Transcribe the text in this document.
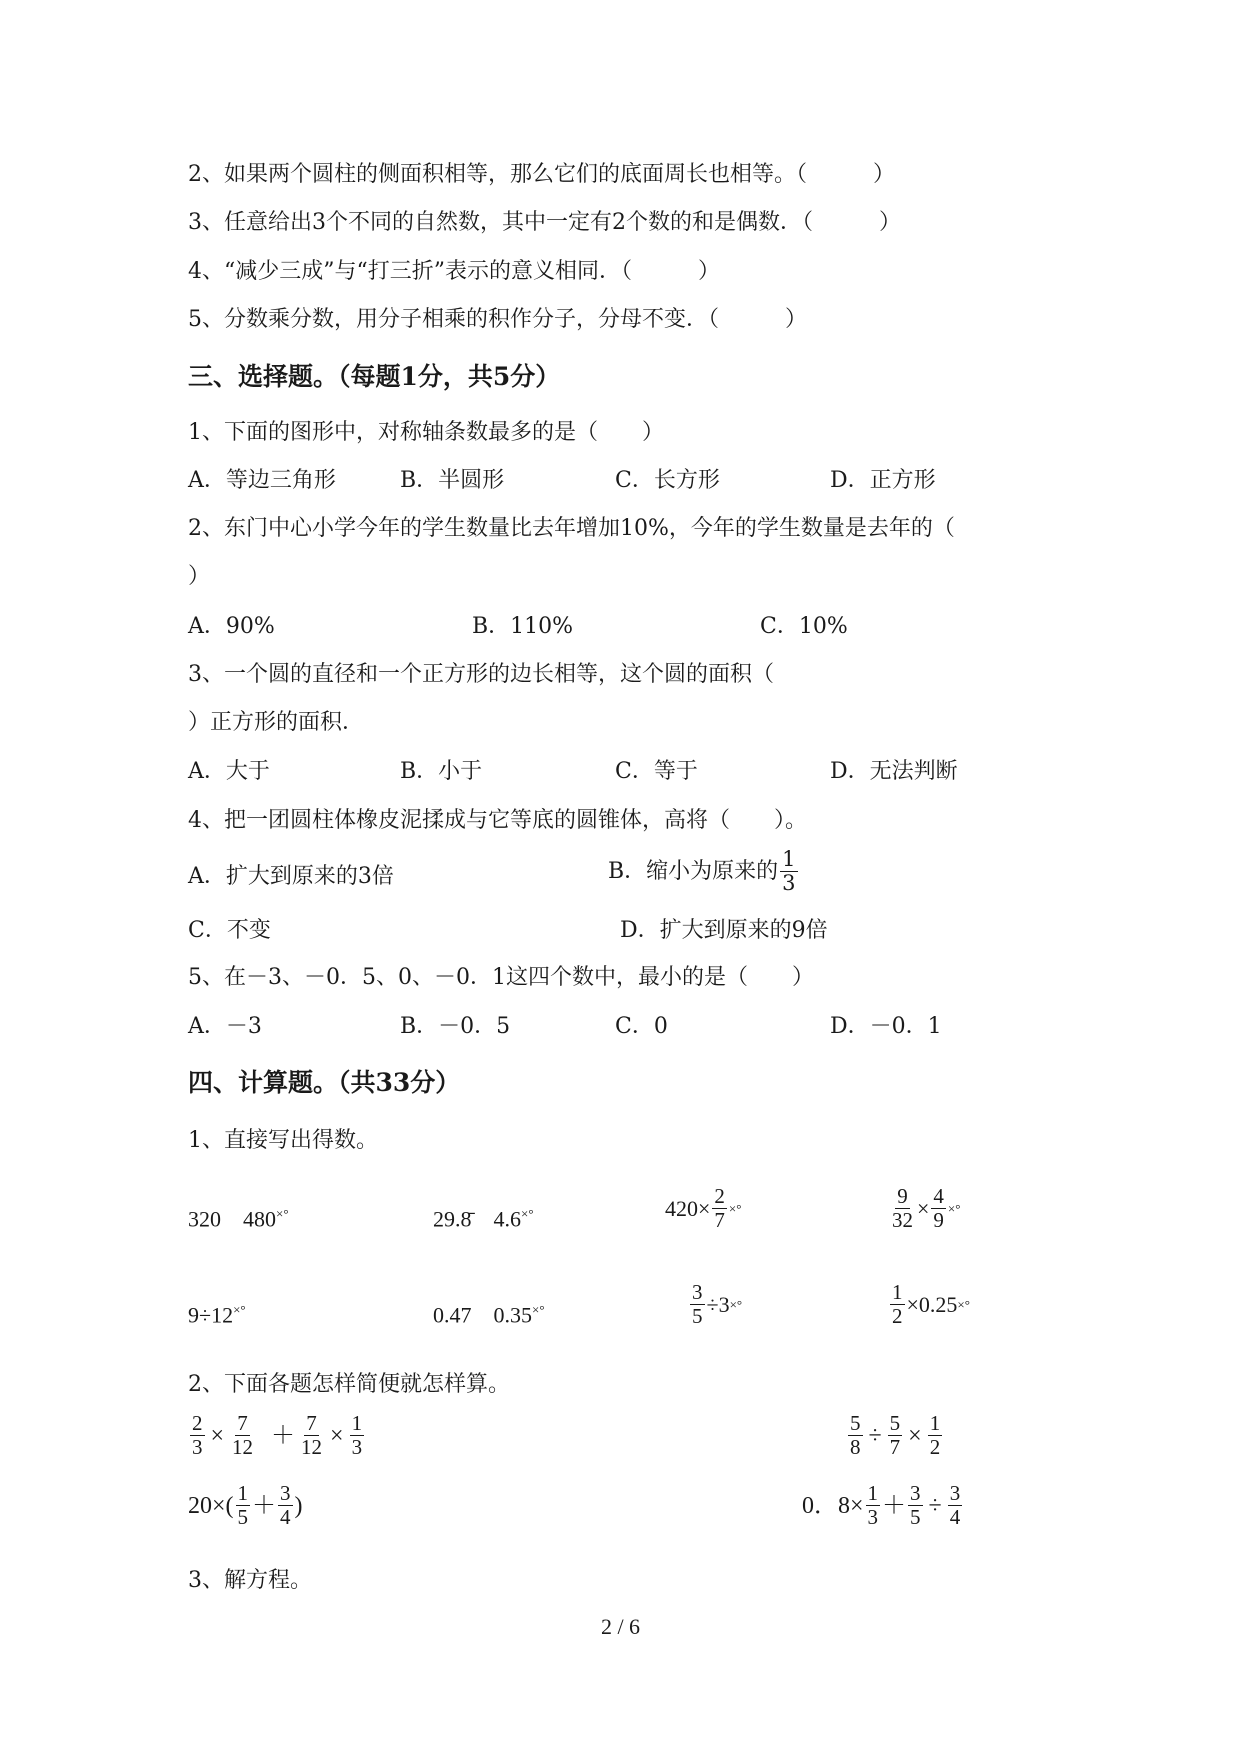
2、如果两个圆柱的侧面积相等，那么它们的底面周长也相等。（　　　）
3、任意给出3个不同的自然数，其中一定有2个数的和是偶数．（　　　）
4、“减少三成”与“打三折”表示的意义相同．（　　　）
5、分数乘分数，用分子相乘的积作分子，分母不变．（　　　）
三、选择题。（每题1分，共5分）
1、下面的图形中，对称轴条数最多的是（　　）
A．等边三角形	B．半圆形	C．长方形	D．正方形
2、东门中心小学今年的学生数量比去年增加10%，今年的学生数量是去年的（
）
A．90%	B．110%	C．10%
3、一个圆的直径和一个正方形的边长相等，这个圆的面积（
）正方形的面积．
A．大于	B．小于	C．等于	D．无法判断
4、把一团圆柱体橡皮泥揉成与它等底的圆锥体，高将（　　）。
A．扩大到原来的3倍	B．缩小为原来的 $\frac{1}{3}$
C．不变	D．扩大到原来的9倍
5、在－3、－0．5、0、－0．1这四个数中，最小的是（　　）
A．－3	B．－0．5	C．0	D．－0．1
四、计算题。（共33分）
1、直接写出得数。
320　480×°	29.8̄　4.6×°	$420\times \frac{2}{7}$ ×°	$\frac{9}{32} \times \frac{4}{9}$ ×°
9÷12×°	0.47　0.35×°	$\frac{3}{5} \div 3$ ×°	$\frac{1}{2} \times 0.25$ ×°
2、下面各题怎样简便就怎样算。
$\frac{2}{3} \times \frac{7}{12} + \frac{7}{12} \times \frac{1}{3}$	$\frac{5}{8} \div \frac{5}{7} \times \frac{1}{2}$
$20\times( \frac{1}{5} + \frac{3}{4}$ )	0．$8\times \frac{1}{3} + \frac{3}{5} \div \frac{3}{4}$
3、解方程。
2 / 6
